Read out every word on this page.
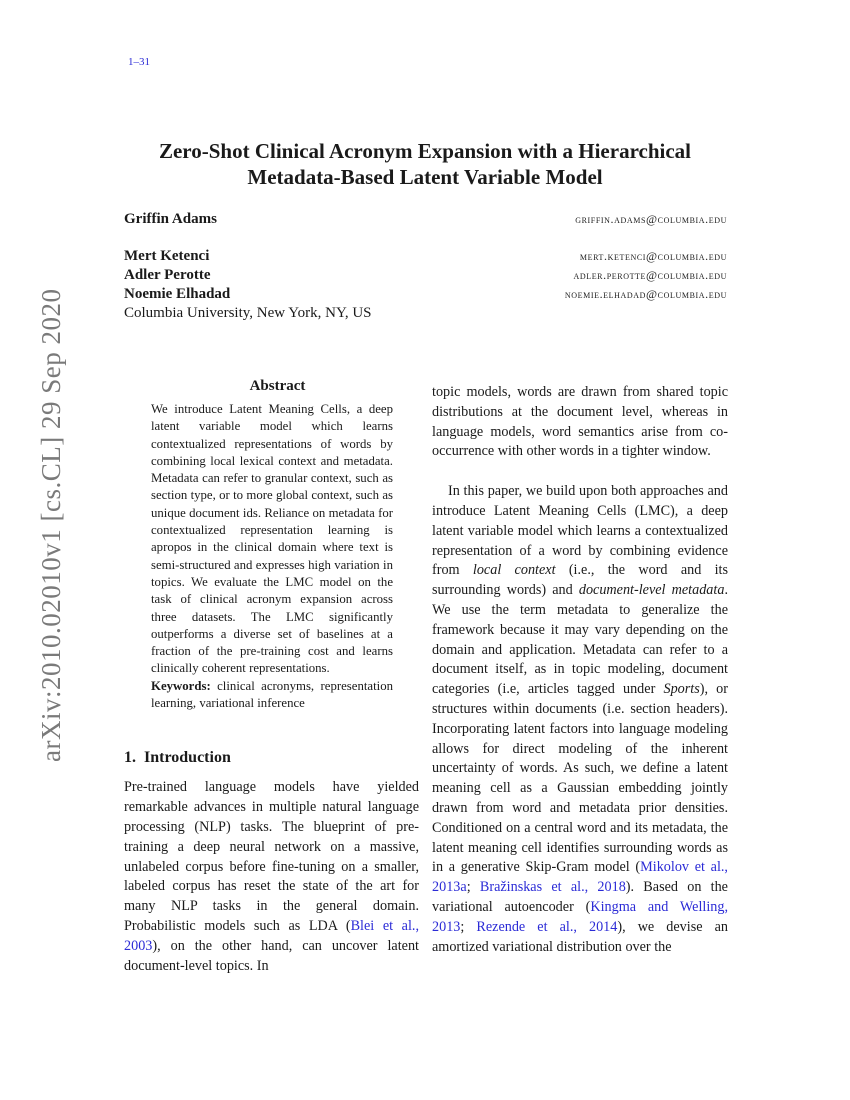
1–31
arXiv:2010.02010v1 [cs.CL] 29 Sep 2020
Zero-Shot Clinical Acronym Expansion with a Hierarchical
Metadata-Based Latent Variable Model
Griffin Adams	griffin.adams@columbia.edu
Mert Ketenci	mert.ketenci@columbia.edu
Adler Perotte	adler.perotte@columbia.edu
Noemie Elhadad	noemie.elhadad@columbia.edu
Columbia University, New York, NY, US
Abstract
We introduce Latent Meaning Cells, a deep latent variable model which learns contextualized representations of words by combining local lexical context and metadata. Metadata can refer to granular context, such as section type, or to more global context, such as unique document ids. Reliance on metadata for contextualized representation learning is apropos in the clinical domain where text is semi-structured and expresses high variation in topics. We evaluate the LMC model on the task of clinical acronym expansion across three datasets. The LMC significantly outperforms a diverse set of baselines at a fraction of the pre-training cost and learns clinically coherent representations.
Keywords: clinical acronyms, representation learning, variational inference
1. Introduction
Pre-trained language models have yielded remarkable advances in multiple natural language processing (NLP) tasks. The blueprint of pre-training a deep neural network on a massive, unlabeled corpus before fine-tuning on a smaller, labeled corpus has reset the state of the art for many NLP tasks in the general domain. Probabilistic models such as LDA (Blei et al., 2003), on the other hand, can uncover latent document-level topics. In

topic models, words are drawn from shared topic distributions at the document level, whereas in language models, word semantics arise from co-occurrence with other words in a tighter window.

In this paper, we build upon both approaches and introduce Latent Meaning Cells (LMC), a deep latent variable model which learns a contextualized representation of a word by combining evidence from local context (i.e., the word and its surrounding words) and document-level metadata. We use the term metadata to generalize the framework because it may vary depending on the domain and application. Metadata can refer to a document itself, as in topic modeling, document categories (i.e, articles tagged under Sports), or structures within documents (i.e. section headers). Incorporating latent factors into language modeling allows for direct modeling of the inherent uncertainty of words. As such, we define a latent meaning cell as a Gaussian embedding jointly drawn from word and metadata prior densities. Conditioned on a central word and its metadata, the latent meaning cell identifies surrounding words as in a generative Skip-Gram model (Mikolov et al., 2013a; Bražinskas et al., 2018). Based on the variational autoencoder (Kingma and Welling, 2013; Rezende et al., 2014), we devise an amortized variational distribution over the
